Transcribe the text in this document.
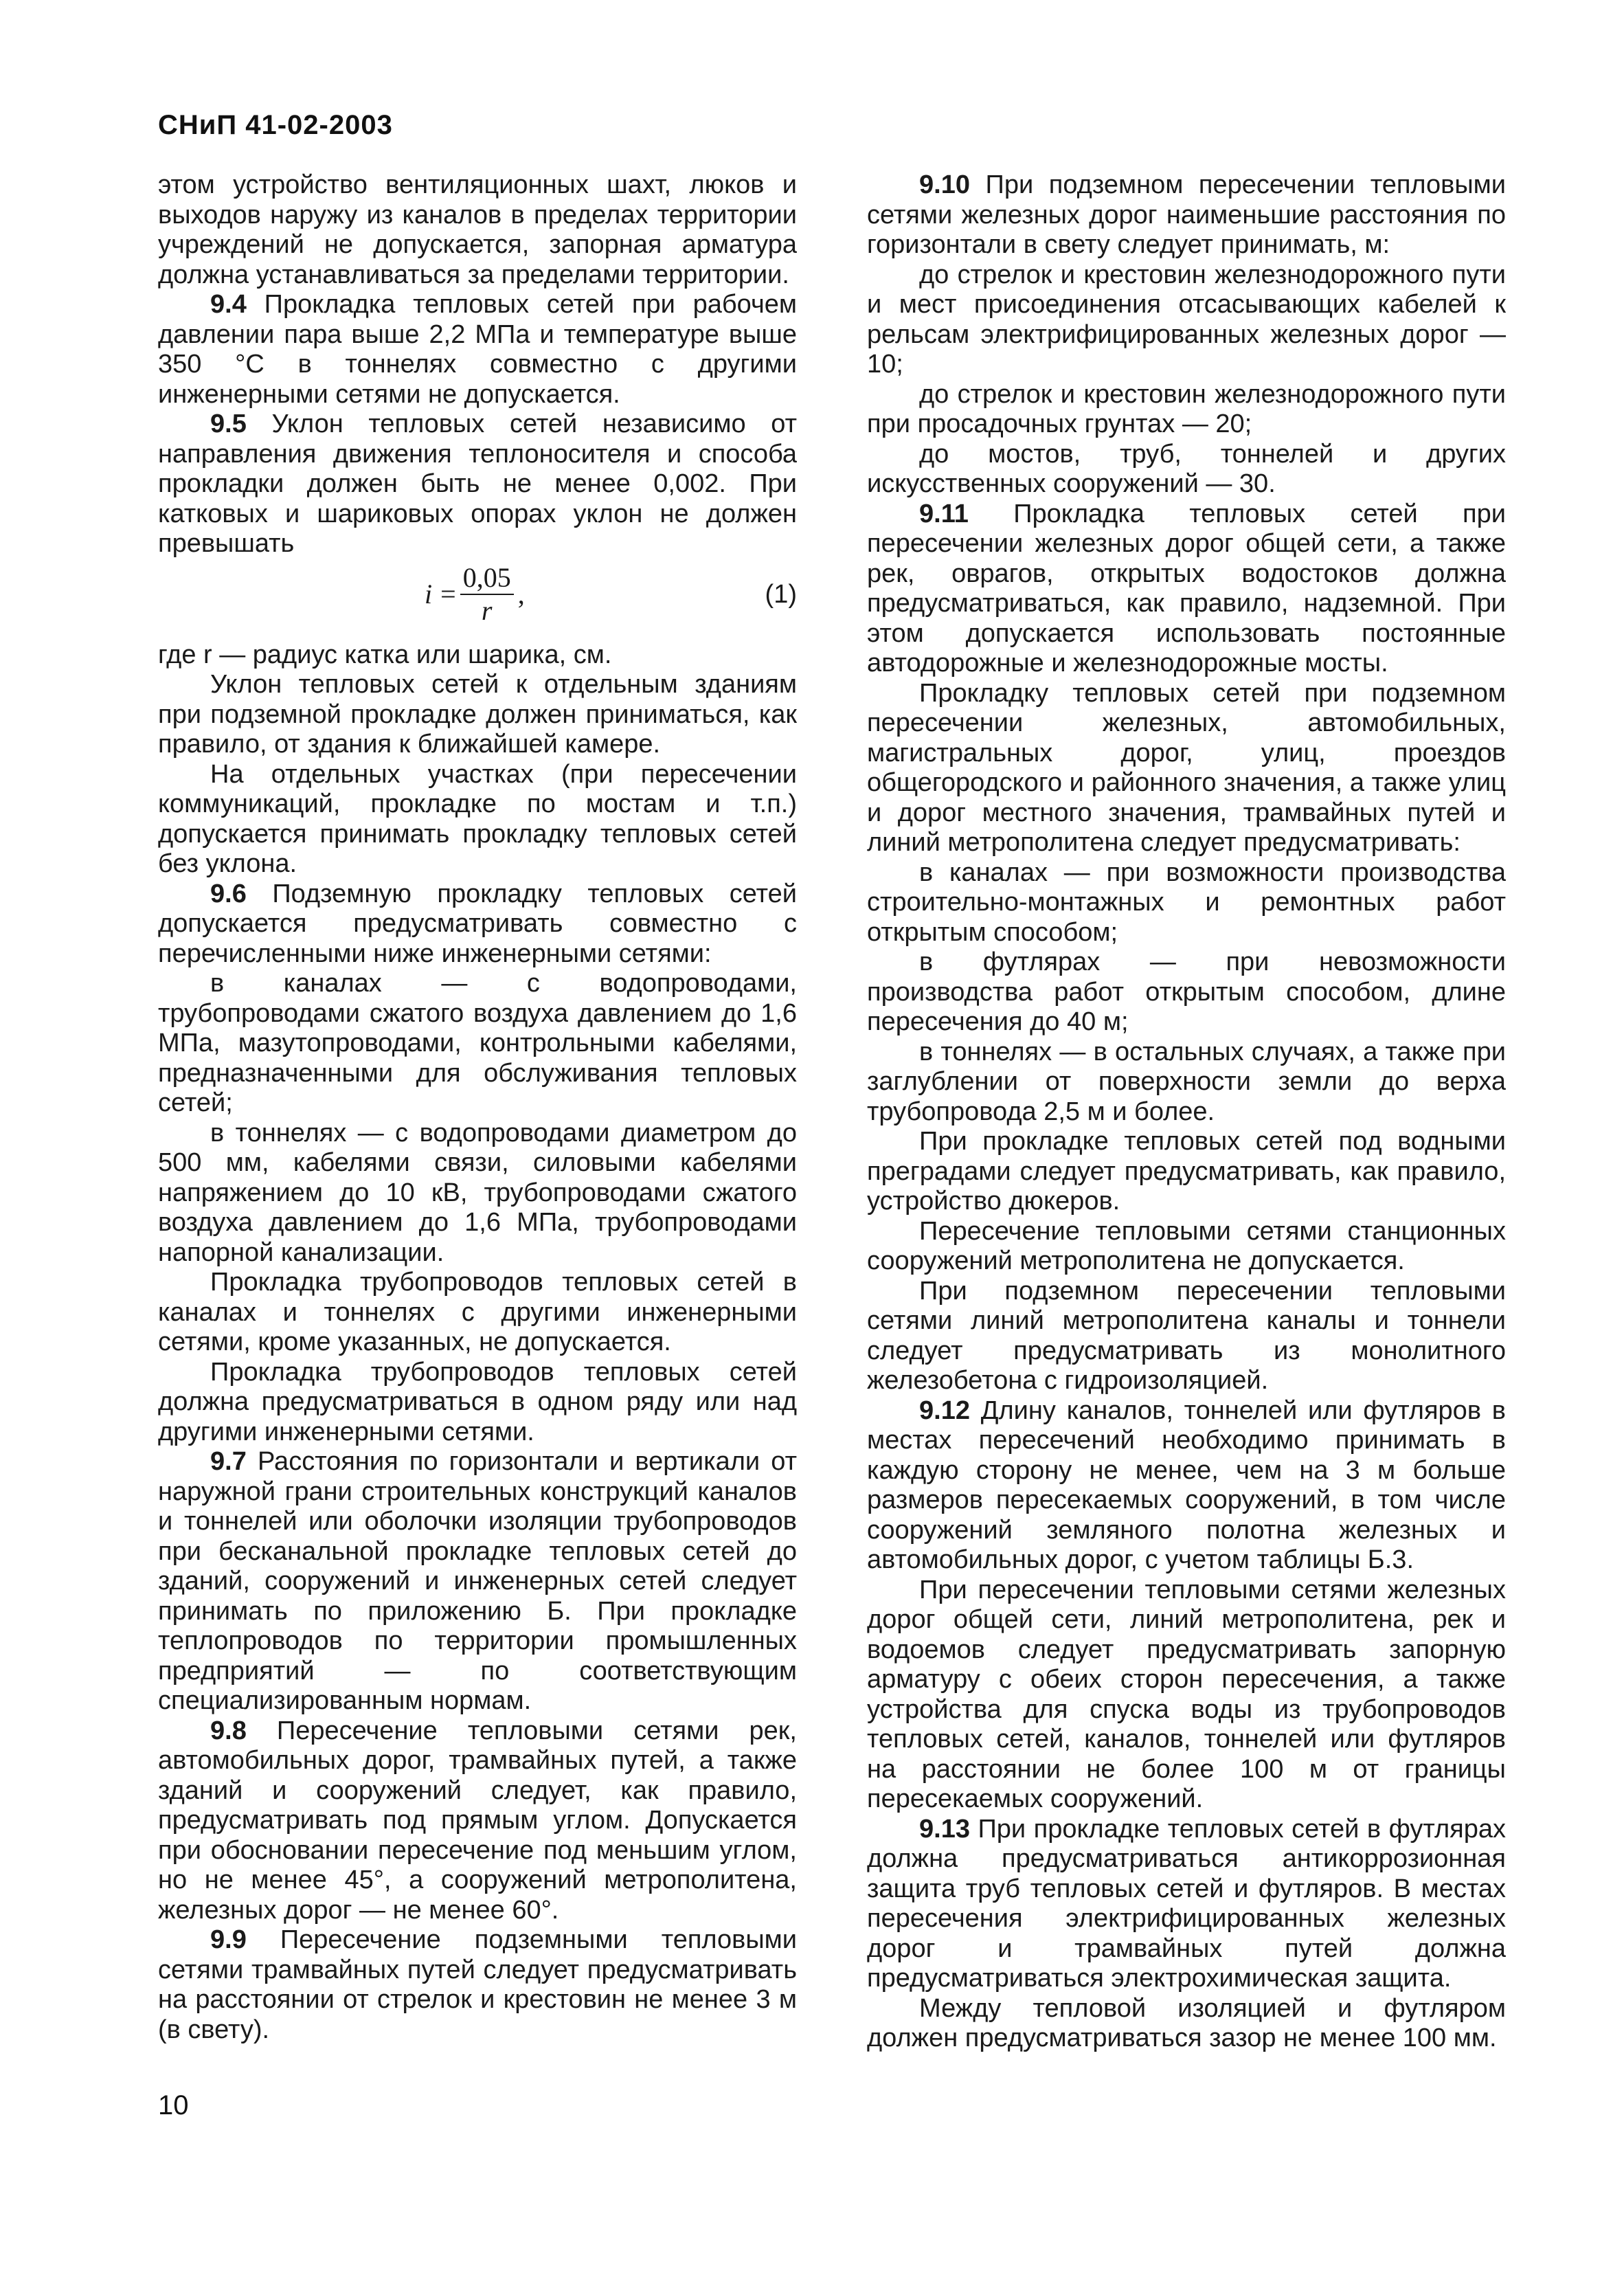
СНиП 41-02-2003

этом устройство вентиляционных шахт, люков и выходов наружу из каналов в пределах территории учреждений не допускается, запорная арматура должна устанавливаться за пределами территории.

9.4 Прокладка тепловых сетей при рабочем давлении пара выше 2,2 МПа и температуре выше 350 °С в тоннелях совместно с другими инженерными сетями не допускается.

9.5 Уклон тепловых сетей независимо от направления движения теплоносителя и способа прокладки должен быть не менее 0,002. При катковых и шариковых опорах уклон не должен превышать

$i = \frac{0,05}{r}$ ,	(1)

где r — радиус катка или шарика, см.

Уклон тепловых сетей к отдельным зданиям при подземной прокладке должен приниматься, как правило, от здания к ближайшей камере.

На отдельных участках (при пересечении коммуникаций, прокладке по мостам и т.п.) допускается принимать прокладку тепловых сетей без уклона.

9.6 Подземную прокладку тепловых сетей допускается предусматривать совместно с перечисленными ниже инженерными сетями:

в каналах — с водопроводами, трубопроводами сжатого воздуха давлением до 1,6 МПа, мазутопроводами, контрольными кабелями, предназначенными для обслуживания тепловых сетей;

в тоннелях — с водопроводами диаметром до 500 мм, кабелями связи, силовыми кабелями напряжением до 10 кВ, трубопроводами сжатого воздуха давлением до 1,6 МПа, трубопроводами напорной канализации.

Прокладка трубопроводов тепловых сетей в каналах и тоннелях с другими инженерными сетями, кроме указанных, не допускается.

Прокладка трубопроводов тепловых сетей должна предусматриваться в одном ряду или над другими инженерными сетями.

9.7 Расстояния по горизонтали и вертикали от наружной грани строительных конструкций каналов и тоннелей или оболочки изоляции трубопроводов при бесканальной прокладке тепловых сетей до зданий, сооружений и инженерных сетей следует принимать по приложению Б. При прокладке теплопроводов по территории промышленных предприятий — по соответствующим специализированным нормам.

9.8 Пересечение тепловыми сетями рек, автомобильных дорог, трамвайных путей, а также зданий и сооружений следует, как правило, предусматривать под прямым углом. Допускается при обосновании пересечение под меньшим углом, но не менее 45°, а сооружений метрополитена, железных дорог — не менее 60°.

9.9 Пересечение подземными тепловыми сетями трамвайных путей следует предусматривать на расстоянии от стрелок и крестовин не менее 3 м (в свету).

9.10 При подземном пересечении тепловыми сетями железных дорог наименьшие расстояния по горизонтали в свету следует принимать, м:

до стрелок и крестовин железнодорожного пути и мест присоединения отсасывающих кабелей к рельсам электрифицированных железных дорог — 10;

до стрелок и крестовин железнодорожного пути при просадочных грунтах — 20;

до мостов, труб, тоннелей и других искусственных сооружений — 30.

9.11 Прокладка тепловых сетей при пересечении железных дорог общей сети, а также рек, оврагов, открытых водостоков должна предусматриваться, как правило, надземной. При этом допускается использовать постоянные автодорожные и железнодорожные мосты.

Прокладку тепловых сетей при подземном пересечении железных, автомобильных, магистральных дорог, улиц, проездов общегородского и районного значения, а также улиц и дорог местного значения, трамвайных путей и линий метрополитена следует предусматривать:

в каналах — при возможности производства строительно-монтажных и ремонтных работ открытым способом;

в футлярах — при невозможности производства работ открытым способом, длине пересечения до 40 м;

в тоннелях — в остальных случаях, а также при заглублении от поверхности земли до верха трубопровода 2,5 м и более.

При прокладке тепловых сетей под водными преградами следует предусматривать, как правило, устройство дюкеров.

Пересечение тепловыми сетями станционных сооружений метрополитена не допускается.

При подземном пересечении тепловыми сетями линий метрополитена каналы и тоннели следует предусматривать из монолитного железобетона с гидроизоляцией.

9.12 Длину каналов, тоннелей или футляров в местах пересечений необходимо принимать в каждую сторону не менее, чем на 3 м больше размеров пересекаемых сооружений, в том числе сооружений земляного полотна железных и автомобильных дорог, с учетом таблицы Б.3.

При пересечении тепловыми сетями железных дорог общей сети, линий метрополитена, рек и водоемов следует предусматривать запорную арматуру с обеих сторон пересечения, а также устройства для спуска воды из трубопроводов тепловых сетей, каналов, тоннелей или футляров на расстоянии не более 100 м от границы пересекаемых сооружений.

9.13 При прокладке тепловых сетей в футлярах должна предусматриваться антикоррозионная защита труб тепловых сетей и футляров. В местах пересечения электрифицированных железных дорог и трамвайных путей должна предусматриваться электрохимическая защита.

Между тепловой изоляцией и футляром должен предусматриваться зазор не менее 100 мм.

10
